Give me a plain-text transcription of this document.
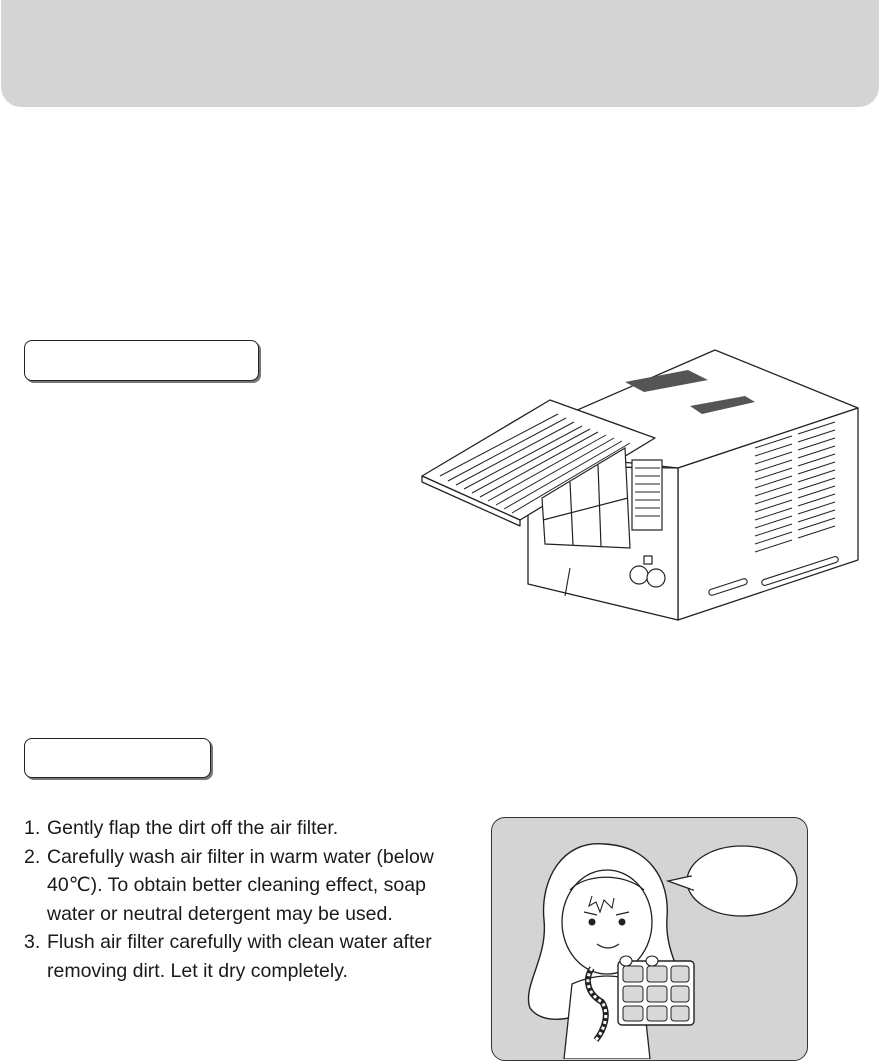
1. Gently flap the dirt off the air filter.
2. Carefully wash air filter in warm water (below 40℃). To obtain better cleaning effect, soap water or neutral detergent may be used.
3. Flush air filter carefully with clean water after removing dirt. Let it dry completely.
